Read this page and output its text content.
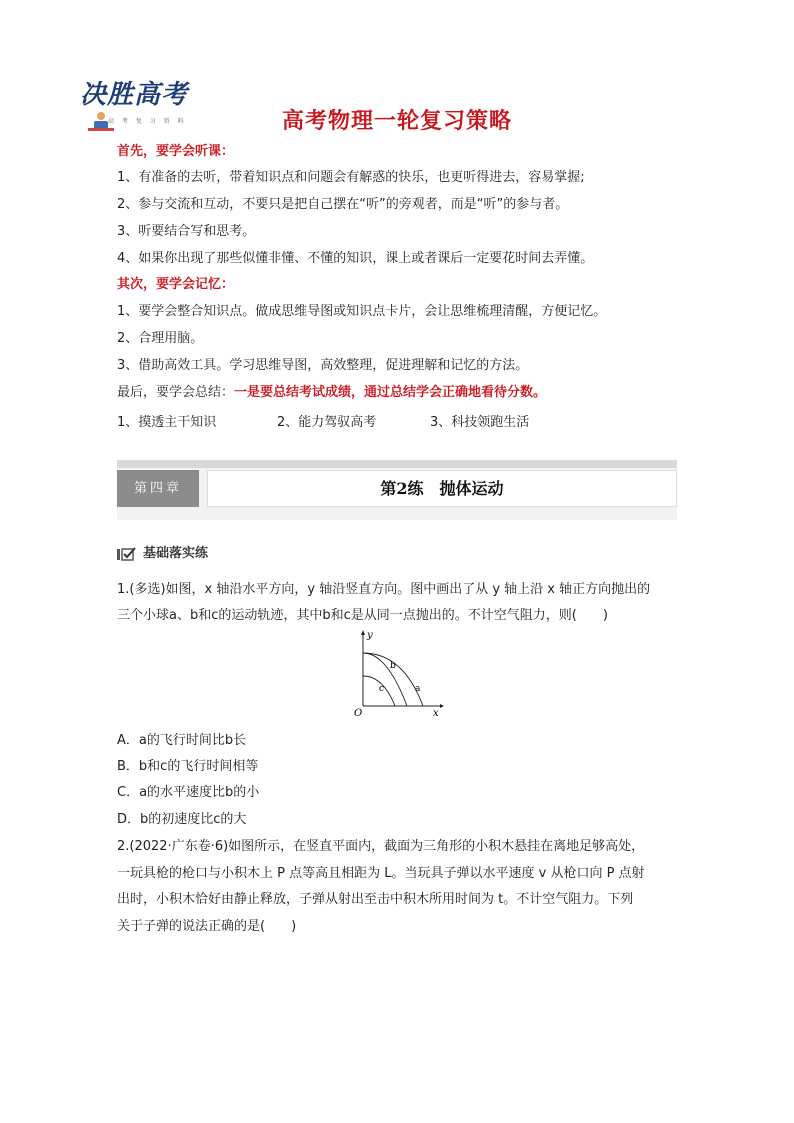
决胜高考
高 考 复 习 资 料	高考物理一轮复习策略
首先，要学会听课：
1、有准备的去听，带着知识点和问题会有解惑的快乐，也更听得进去，容易掌握;
2、参与交流和互动，不要只是把自己摆在“听”的旁观者，而是“听”的参与者。
3、听要结合写和思考。
4、如果你出现了那些似懂非懂、不懂的知识，课上或者课后一定要花时间去弄懂。
其次，要学会记忆：
1、要学会整合知识点。做成思维导图或知识点卡片，会让思维梳理清醒，方便记忆。
2、合理用脑。
3、借助高效工具。学习思维导图，高效整理，促进理解和记忆的方法。
最后，要学会总结：一是要总结考试成绩，通过总结学会正确地看待分数。
1、摸透主干知识	2、能力驾驭高考	3、科技领跑生活
第四章	第2练　抛体运动
基础落实练
1.(多选)如图，x 轴沿水平方向，y 轴沿竖直方向。图中画出了从 y 轴上沿 x 轴正方向抛出的
三个小球a、b和c的运动轨迹，其中b和c是从同一点抛出的。不计空气阻力，则(　　)
y
x
O
a
b
c
A．a的飞行时间比b长
B．b和c的飞行时间相等
C．a的水平速度比b的小
D．b的初速度比c的大
2.(2022·广东卷·6)如图所示，在竖直平面内，截面为三角形的小积木悬挂在离地足够高处，
一玩具枪的枪口与小积木上 P 点等高且相距为 L。当玩具子弹以水平速度 v 从枪口向 P 点射
出时，小积木恰好由静止释放，子弹从射出至击中积木所用时间为 t。不计空气阻力。下列
关于子弹的说法正确的是(　　)
